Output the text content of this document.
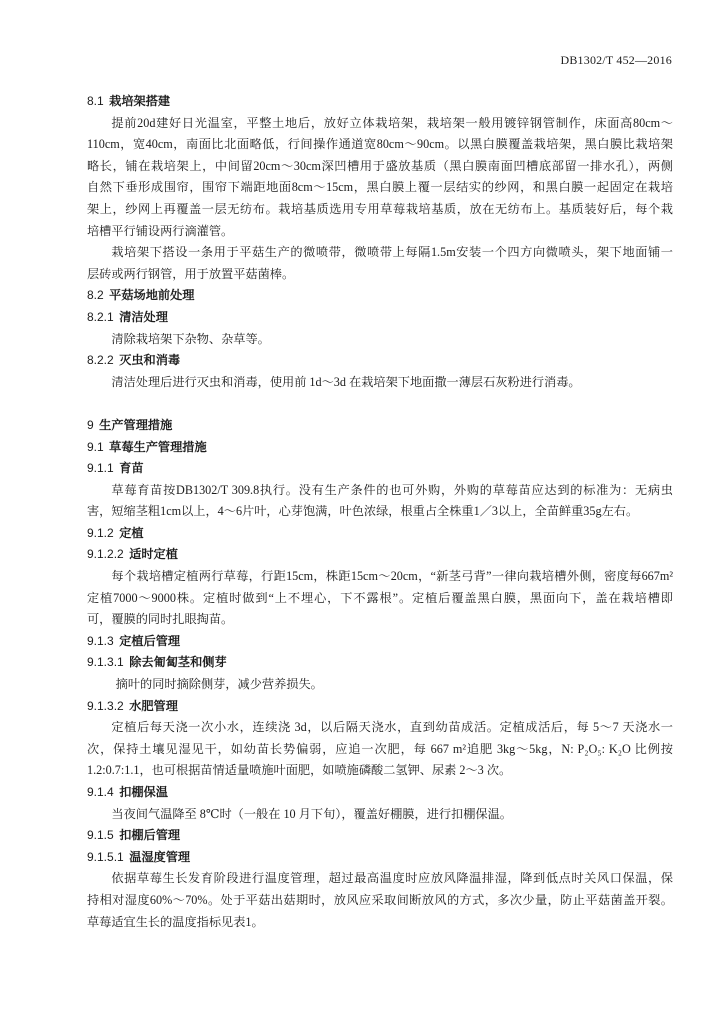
DB1302/T 452—2016
8.1 栽培架搭建
提前20d建好日光温室，平整土地后，放好立体栽培架，栽培架一般用镀锌钢管制作，床面高80cm～
110cm，宽40cm，南面比北面略低，行间操作通道宽80cm～90cm。以黑白膜覆盖栽培架，黑白膜比栽培架
略长，铺在栽培架上，中间留20cm～30cm深凹槽用于盛放基质（黑白膜南面凹槽底部留一排水孔），两侧
自然下垂形成围帘，围帘下端距地面8cm～15cm，黑白膜上覆一层结实的纱网，和黑白膜一起固定在栽培
架上，纱网上再覆盖一层无纺布。栽培基质选用专用草莓栽培基质，放在无纺布上。基质装好后，每个栽
培槽平行铺设两行滴灌管。
栽培架下搭设一条用于平菇生产的微喷带，微喷带上每隔1.5m安装一个四方向微喷头，架下地面铺一
层砖或两行钢管，用于放置平菇菌棒。
8.2 平菇场地前处理
8.2.1 清洁处理
清除栽培架下杂物、杂草等。
8.2.2 灭虫和消毒
清洁处理后进行灭虫和消毒，使用前 1d～3d 在栽培架下地面撒一薄层石灰粉进行消毒。
9 生产管理措施
9.1 草莓生产管理措施
9.1.1 育苗
草莓育苗按DB1302/T 309.8执行。没有生产条件的也可外购，外购的草莓苗应达到的标准为：无病虫
害，短缩茎粗1cm以上，4～6片叶，心芽饱满，叶色浓绿，根重占全株重1／3以上，全苗鲜重35g左右。
9.1.2 定植
9.1.2.2 适时定植
每个栽培槽定植两行草莓，行距15cm，株距15cm～20cm，“新茎弓背”一律向栽培槽外侧，密度每667m²
定植7000～9000株。定植时做到“上不埋心，下不露根”。定植后覆盖黑白膜，黑面向下，盖在栽培槽即
可，覆膜的同时扎眼掏苗。
9.1.3 定植后管理
9.1.3.1 除去匍匐茎和侧芽
摘叶的同时摘除侧芽，减少营养损失。
9.1.3.2 水肥管理
定植后每天浇一次小水，连续浇 3d，以后隔天浇水，直到幼苗成活。定植成活后，每 5～7 天浇水一
次，保持土壤见湿见干，如幼苗长势偏弱，应追一次肥，每 667 m²追肥 3kg～5kg，N: P₂O₅: K₂O 比例按
1.2:0.7:1.1，也可根据苗情适量喷施叶面肥，如喷施磷酸二氢钾、尿素 2～3 次。
9.1.4 扣棚保温
当夜间气温降至 8℃时（一般在 10 月下旬），覆盖好棚膜，进行扣棚保温。
9.1.5 扣棚后管理
9.1.5.1 温湿度管理
依据草莓生长发育阶段进行温度管理，超过最高温度时应放风降温排湿，降到低点时关风口保温，保
持相对湿度60%～70%。处于平菇出菇期时，放风应采取间断放风的方式，多次少量，防止平菇菌盖开裂。
草莓适宜生长的温度指标见表1。
